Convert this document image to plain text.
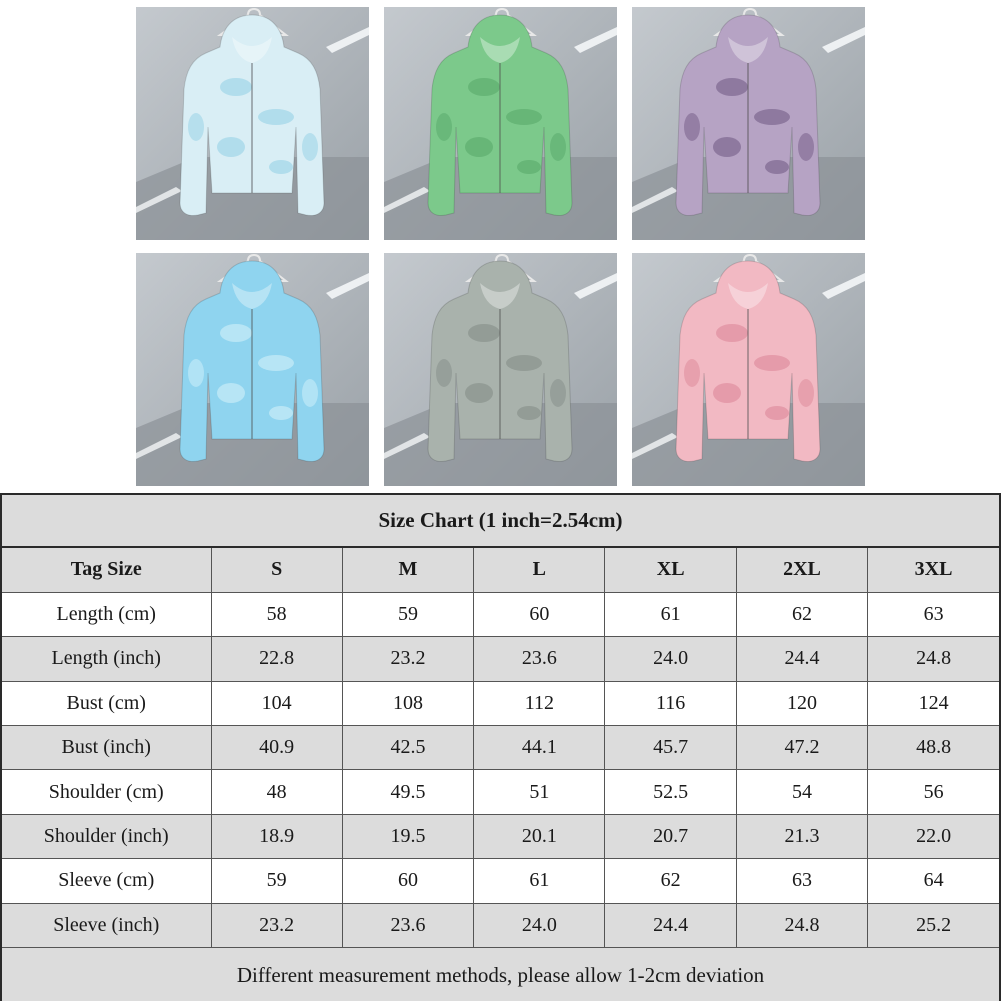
Size Chart (1 inch=2.54cm)
Tag Size	S	M	L	XL	2XL	3XL
Length (cm)	58	59	60	61	62	63
Length (inch)	22.8	23.2	23.6	24.0	24.4	24.8
Bust (cm)	104	108	112	116	120	124
Bust (inch)	40.9	42.5	44.1	45.7	47.2	48.8
Shoulder (cm)	48	49.5	51	52.5	54	56
Shoulder (inch)	18.9	19.5	20.1	20.7	21.3	22.0
Sleeve (cm)	59	60	61	62	63	64
Sleeve (inch)	23.2	23.6	24.0	24.4	24.8	25.2
Different measurement methods, please allow 1-2cm deviation
